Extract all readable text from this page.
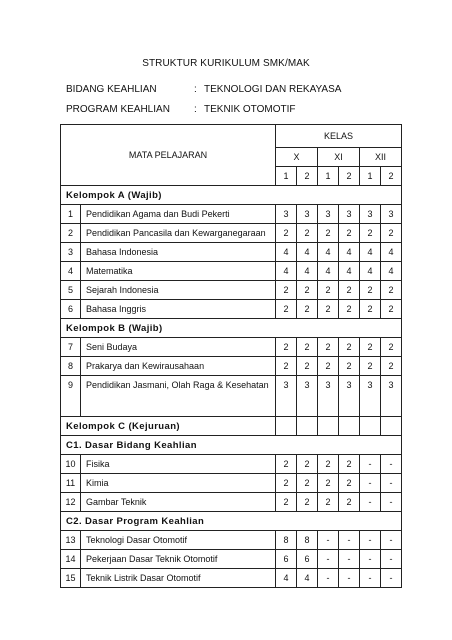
STRUKTUR KURIKULUM SMK/MAK
BIDANG KEAHLIAN	: TEKNOLOGI DAN REKAYASA
PROGRAM KEAHLIAN : TEKNIK OTOMOTIF
MATA PELAJARAN		KELAS					
		X		XI		XII	
		1	2	1	2	1	2
Kelompok A (Wajib)							
1	Pendidikan Agama dan Budi Pekerti	3	3	3	3	3	3
2	Pendidikan Pancasila dan Kewarganegaraan	2	2	2	2	2	2
3	Bahasa Indonesia	4	4	4	4	4	4
4	Matematika	4	4	4	4	4	4
5	Sejarah Indonesia	2	2	2	2	2	2
6	Bahasa Inggris	2	2	2	2	2	2
Kelompok B (Wajib)							
7	Seni Budaya	2	2	2	2	2	2
8	Prakarya dan Kewirausahaan	2	2	2	2	2	2
9	Pendidikan Jasmani, Olah Raga & Kesehatan	3	3	3	3	3	3
Kelompok C (Kejuruan)							
C1. Dasar Bidang Keahlian							
10	Fisika	2	2	2	2	-	-
11	Kimia	2	2	2	2	-	-
12	Gambar Teknik	2	2	2	2	-	-
C2. Dasar Program Keahlian							
13	Teknologi Dasar Otomotif	8	8	-	-	-	-
14	Pekerjaan Dasar Teknik Otomotif	6	6	-	-	-	-
15	Teknik Listrik Dasar Otomotif	4	4	-	-	-	-
